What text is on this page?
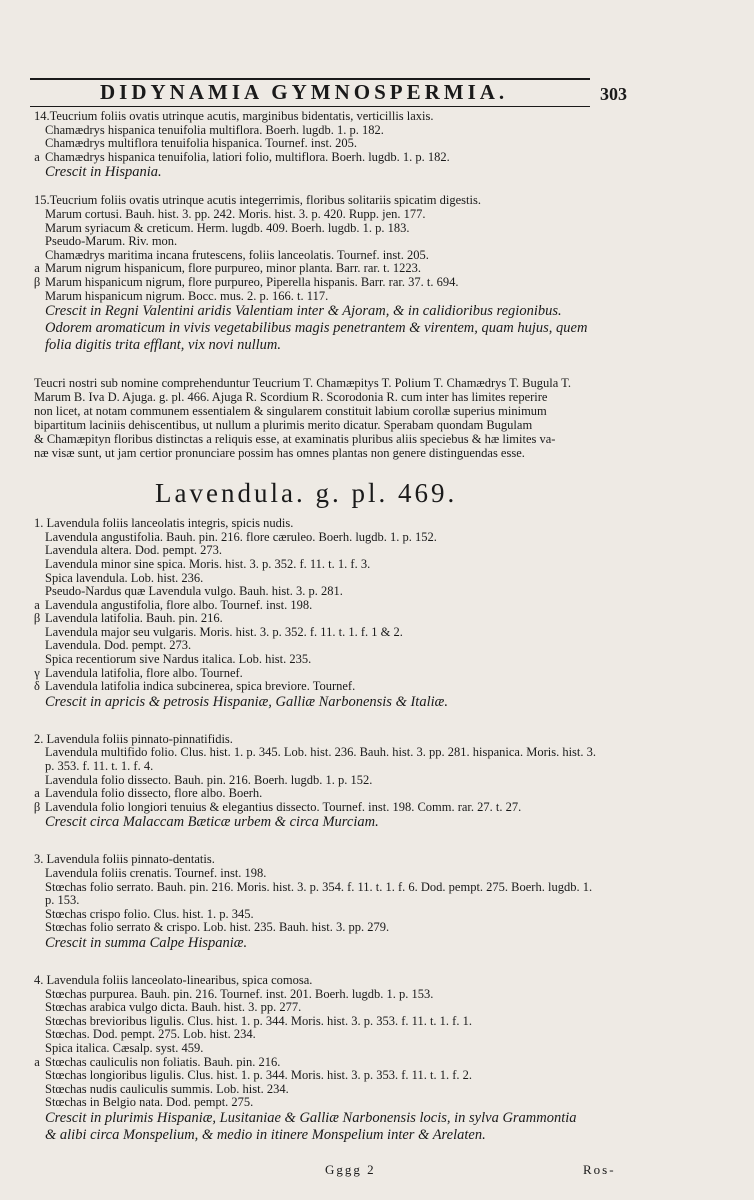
DIDYNAMIA GYMNOSPERMIA.	303
14.Teucrium foliis ovatis utrinque acutis, marginibus bidentatis, verticillis laxis.
Chamædrys hispanica tenuifolia multiflora. Boerh. lugdb. 1. p. 182.
Chamædrys multiflora tenuifolia hispanica. Tournef. inst. 205.
a Chamædrys hispanica tenuifolia, latiori folio, multiflora. Boerh. lugdb. 1. p. 182.
Crescit in Hispania.
15.Teucrium foliis ovatis utrinque acutis integerrimis, floribus solitariis spicatim digestis.
Marum cortusi. Bauh. hist. 3. pp. 242. Moris. hist. 3. p. 420. Rupp. jen. 177.
Marum syriacum & creticum. Herm. lugdb. 409. Boerh. lugdb. 1. p. 183.
Pseudo-Marum. Riv. mon.
Chamædrys maritima incana frutescens, foliis lanceolatis. Tournef. inst. 205.
a Marum nigrum hispanicum, flore purpureo, minor planta. Barr. rar. t. 1223.
β Marum hispanicum nigrum, flore purpureo, Piperella hispanis. Barr. rar. 37. t. 694.
Marum hispanicum nigrum. Bocc. mus. 2. p. 166. t. 117.
Crescit in Regni Valentini aridis Valentiam inter & Ajoram, & in calidioribus regionibus.
Odorem aromaticum in vivis vegetabilibus magis penetrantem & virentem, quam hujus, quem
folia digitis trita efflant, vix novi nullum.
Teucri nostri sub nomine comprehenduntur Teucrium T. Chamæpitys T. Polium T. Chamædrys T. Bugula T.
Marum B. Iva D. Ajuga. g. pl. 466. Ajuga R. Scordium R. Scorodonia R. cum inter has limites reperire
non licet, at notam communem essentialem & singularem constituit labium corollæ superius minimum
bipartitum laciniis dehiscentibus, ut nullum a plurimis merito dicatur. Sperabam quondam Bugulam
& Chamæpityn floribus distinctas a reliquis esse, at examinatis pluribus aliis speciebus & hæ limites va-
næ visæ sunt, ut jam certior pronunciare possim has omnes plantas non genere distinguendas esse.
Lavendula. g. pl. 469.
1. Lavendula foliis lanceolatis integris, spicis nudis.
Lavendula angustifolia. Bauh. pin. 216. flore cæruleo. Boerh. lugdb. 1. p. 152.
Lavendula altera. Dod. pempt. 273.
Lavendula minor sine spica. Moris. hist. 3. p. 352. f. 11. t. 1. f. 3.
Spica lavendula. Lob. hist. 236.
Pseudo-Nardus quæ Lavendula vulgo. Bauh. hist. 3. p. 281.
a Lavendula angustifolia, flore albo. Tournef. inst. 198.
β Lavendula latifolia. Bauh. pin. 216.
Lavendula major seu vulgaris. Moris. hist. 3. p. 352. f. 11. t. 1. f. 1 & 2.
Lavendula. Dod. pempt. 273.
Spica recentiorum sive Nardus italica. Lob. hist. 235.
γ Lavendula latifolia, flore albo. Tournef.
δ Lavendula latifolia indica subcinerea, spica breviore. Tournef.
Crescit in apricis & petrosis Hispaniæ, Galliæ Narbonensis & Italiæ.
2. Lavendula foliis pinnato-pinnatifidis.
Lavendula multifido folio. Clus. hist. 1. p. 345. Lob. hist. 236. Bauh. hist. 3. pp. 281. hispanica. Moris. hist. 3.
p. 353. f. 11. t. 1. f. 4.
Lavendula folio dissecto. Bauh. pin. 216. Boerh. lugdb. 1. p. 152.
a Lavendula folio dissecto, flore albo. Boerh.
β Lavendula folio longiori tenuius & elegantius dissecto. Tournef. inst. 198. Comm. rar. 27. t. 27.
Crescit circa Malaccam Bæticæ urbem & circa Murciam.
3. Lavendula foliis pinnato-dentatis.
Lavendula foliis crenatis. Tournef. inst. 198.
Stœchas folio serrato. Bauh. pin. 216. Moris. hist. 3. p. 354. f. 11. t. 1. f. 6. Dod. pempt. 275. Boerh. lugdb. 1.
p. 153.
Stœchas crispo folio. Clus. hist. 1. p. 345.
Stœchas folio serrato & crispo. Lob. hist. 235. Bauh. hist. 3. pp. 279.
Crescit in summa Calpe Hispaniæ.
4. Lavendula foliis lanceolato-linearibus, spica comosa.
Stœchas purpurea. Bauh. pin. 216. Tournef. inst. 201. Boerh. lugdb. 1. p. 153.
Stœchas arabica vulgo dicta. Bauh. hist. 3. pp. 277.
Stœchas brevioribus ligulis. Clus. hist. 1. p. 344. Moris. hist. 3. p. 353. f. 11. t. 1. f. 1.
Stœchas. Dod. pempt. 275. Lob. hist. 234.
Spica italica. Cæsalp. syst. 459.
a Stœchas cauliculis non foliatis. Bauh. pin. 216.
Stœchas longioribus ligulis. Clus. hist. 1. p. 344. Moris. hist. 3. p. 353. f. 11. t. 1. f. 2.
Stœchas nudis cauliculis summis. Lob. hist. 234.
Stœchas in Belgio nata. Dod. pempt. 275.
Crescit in plurimis Hispaniæ, Lusitaniae & Galliæ Narbonensis locis, in sylva Grammontia
& alibi circa Monspelium, & medio in itinere Monspelium inter & Arelaten.
Gggg 2	Ros-
